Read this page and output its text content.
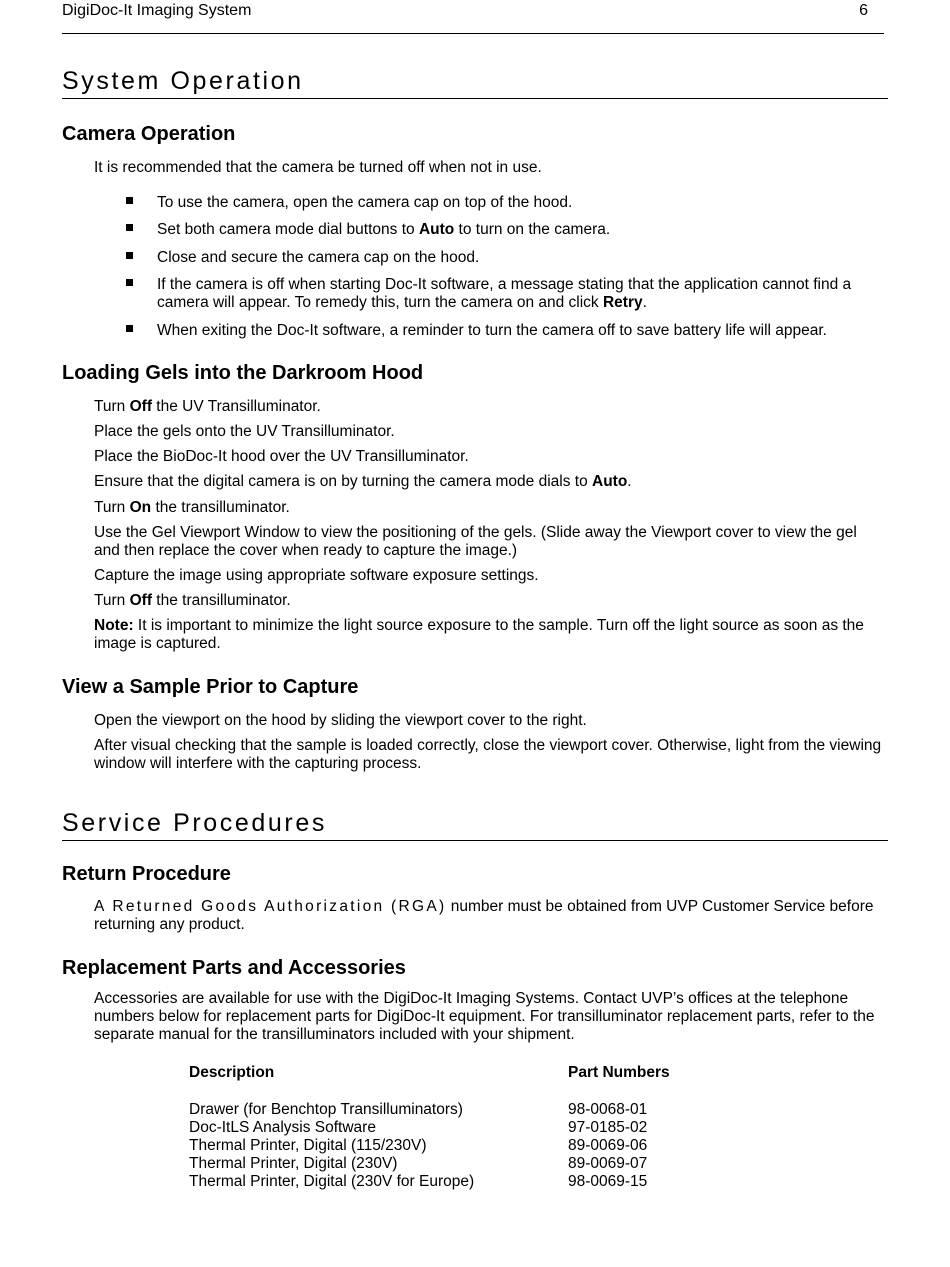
DigiDoc-It Imaging System	6
System Operation
Camera Operation
It is recommended that the camera be turned off when not in use.
To use the camera, open the camera cap on top of the hood.
Set both camera mode dial buttons to Auto to turn on the camera.
Close and secure the camera cap on the hood.
If the camera is off when starting Doc-It software, a message stating that the application cannot find a camera will appear. To remedy this, turn the camera on and click Retry.
When exiting the Doc-It software, a reminder to turn the camera off to save battery life will appear.
Loading Gels into the Darkroom Hood
Turn Off the UV Transilluminator.
Place the gels onto the UV Transilluminator.
Place the BioDoc-It hood over the UV Transilluminator.
Ensure that the digital camera is on by turning the camera mode dials to Auto.
Turn On the transilluminator.
Use the Gel Viewport Window to view the positioning of the gels. (Slide away the Viewport cover to view the gel and then replace the cover when ready to capture the image.)
Capture the image using appropriate software exposure settings.
Turn Off the transilluminator.
Note: It is important to minimize the light source exposure to the sample. Turn off the light source as soon as the image is captured.
View a Sample Prior to Capture
Open the viewport on the hood by sliding the viewport cover to the right.
After visual checking that the sample is loaded correctly, close the viewport cover. Otherwise, light from the viewing window will interfere with the capturing process.
Service Procedures
Return Procedure
A Returned Goods Authorization (RGA) number must be obtained from UVP Customer Service before returning any product.
Replacement Parts and Accessories
Accessories are available for use with the DigiDoc-It Imaging Systems. Contact UVP’s offices at the telephone numbers below for replacement parts for DigiDoc-It equipment. For transilluminator replacement parts, refer to the separate manual for the transilluminators included with your shipment.
Description	Part Numbers
Drawer (for Benchtop Transilluminators)	98-0068-01
Doc-ItLS Analysis Software	97-0185-02
Thermal Printer, Digital (115/230V)	89-0069-06
Thermal Printer, Digital (230V)	89-0069-07
Thermal Printer, Digital (230V for Europe)	98-0069-15
